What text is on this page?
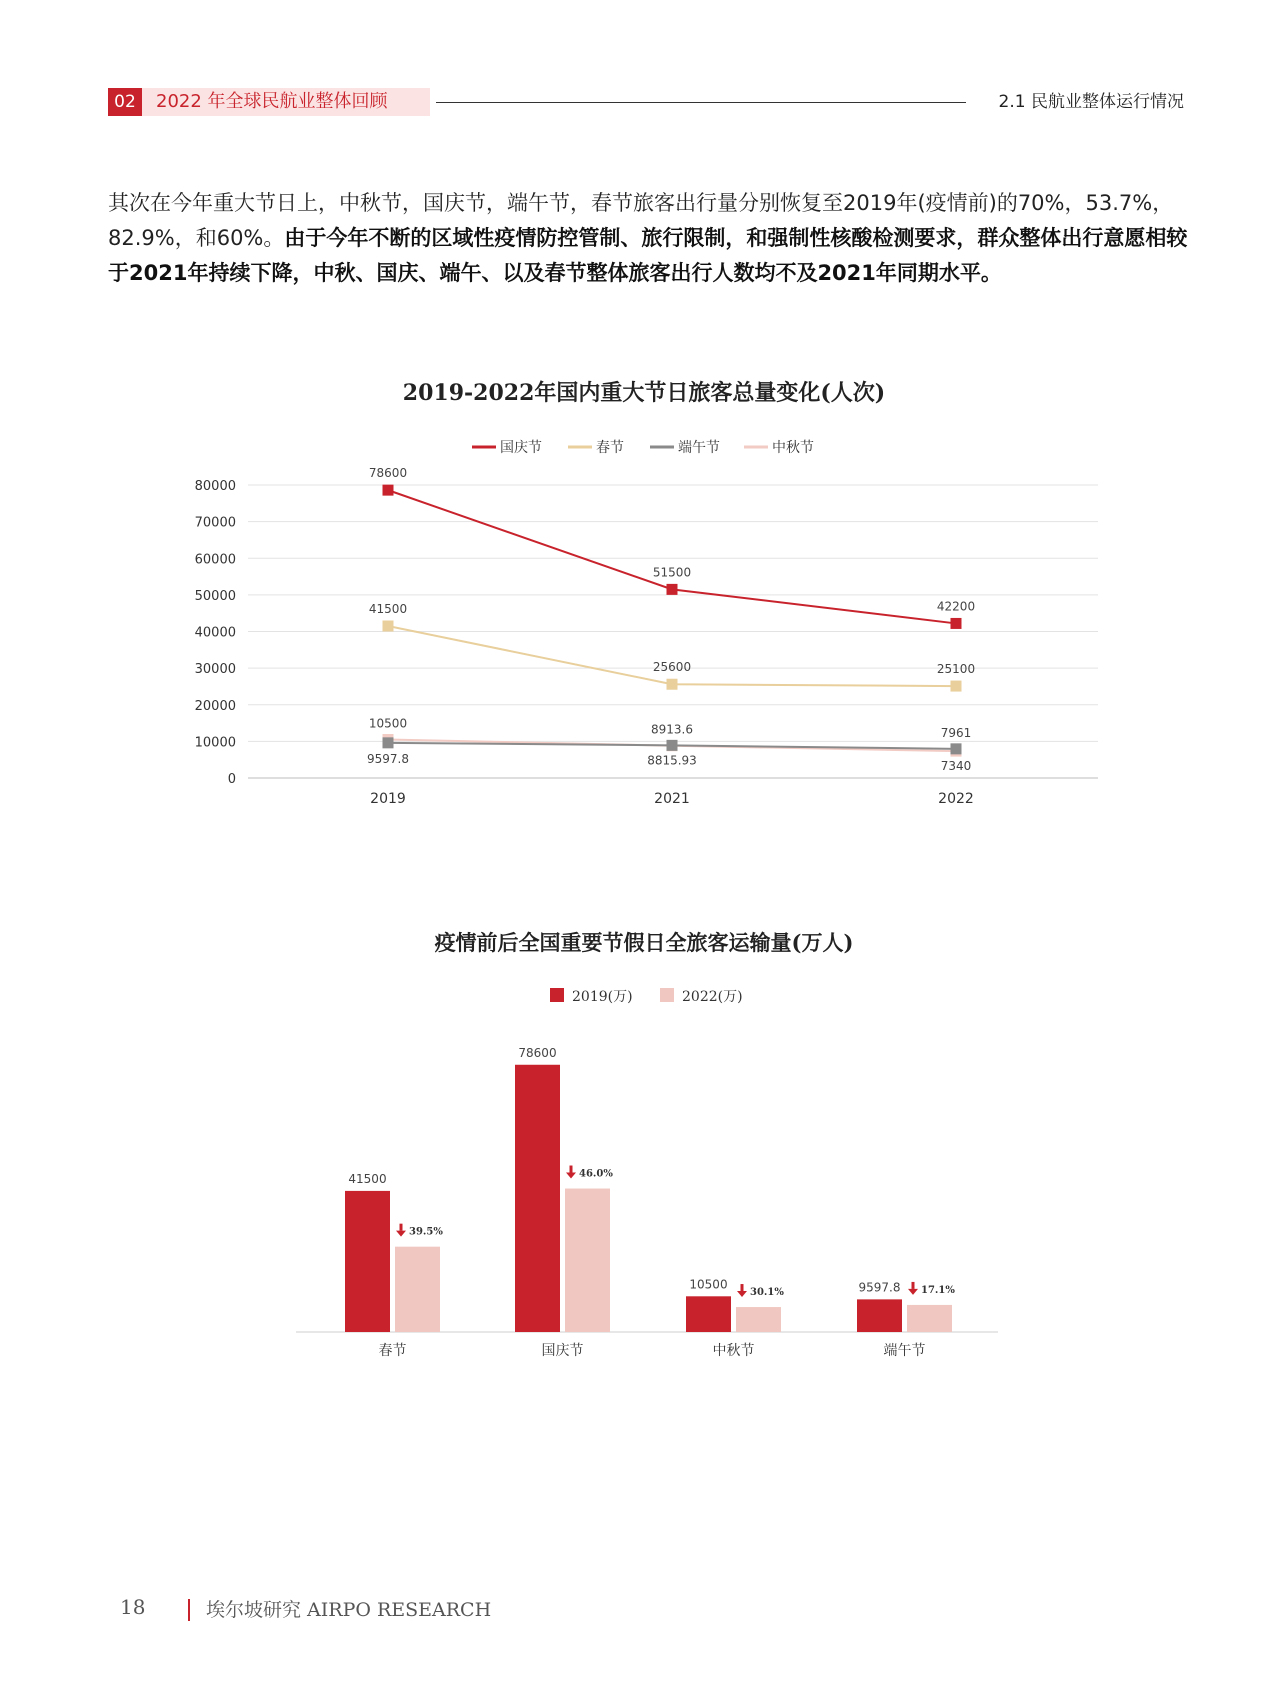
02	2022 年全球民航业整体回顾	2.1 民航业整体运行情况
其次在今年重大节日上，中秋节，国庆节，端午节，春节旅客出行量分别恢复至2019年(疫情前)的70%，53.7%，82.9%，和60%。由于今年不断的区域性疫情防控管制、旅行限制，和强制性核酸检测要求，群众整体出行意愿相较于2021年持续下降，中秋、国庆、端午、以及春节整体旅客出行人数均不及2021年同期水平。
2019-2022年国内重大节日旅客总量变化(人次)
国庆节	春节	端午节	中秋节
0
10000
20000
30000
40000
50000
60000
70000
80000
2019	2021	2022
78600
51500
42200
41500
25600	25100
9597.8
8913.6	7961
10500
8815.93	7340
疫情前后全国重要节假日全旅客运输量(万人)
2019(万)	2022(万)
41500
39.5%
78600
46.0%
10500
30.1%	9597.8 17.1%
春节	国庆节	中秋节	端午节
18	埃尔坡研究 AIRPO RESEARCH
